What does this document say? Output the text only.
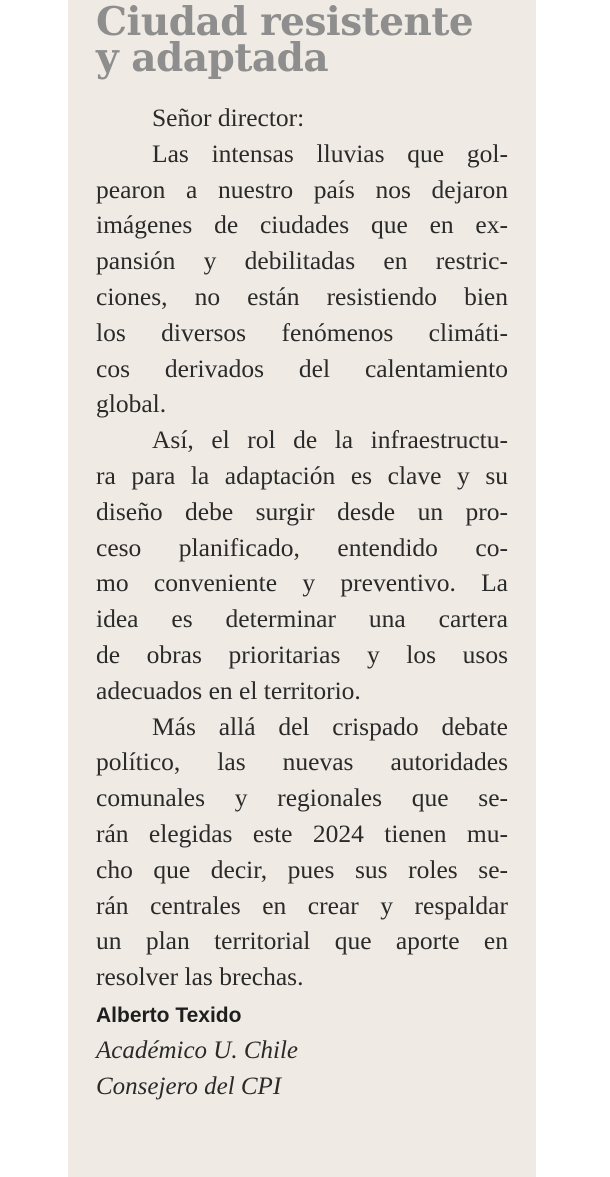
Ciudad resistente
y adaptada

Señor director:

Las intensas lluvias que gol-
pearon a nuestro país nos dejaron
imágenes de ciudades que en ex-
pansión y debilitadas en restric-
ciones, no están resistiendo bien
los diversos fenómenos climáti-
cos derivados del calentamiento
global.

Así, el rol de la infraestructu-
ra para la adaptación es clave y su
diseño debe surgir desde un pro-
ceso planificado, entendido co-
mo conveniente y preventivo. La
idea es determinar una cartera
de obras prioritarias y los usos
adecuados en el territorio.

Más allá del crispado debate
político, las nuevas autoridades
comunales y regionales que se-
rán elegidas este 2024 tienen mu-
cho que decir, pues sus roles se-
rán centrales en crear y respaldar
un plan territorial que aporte en
resolver las brechas.

Alberto Texido
Académico U. Chile
Consejero del CPI
